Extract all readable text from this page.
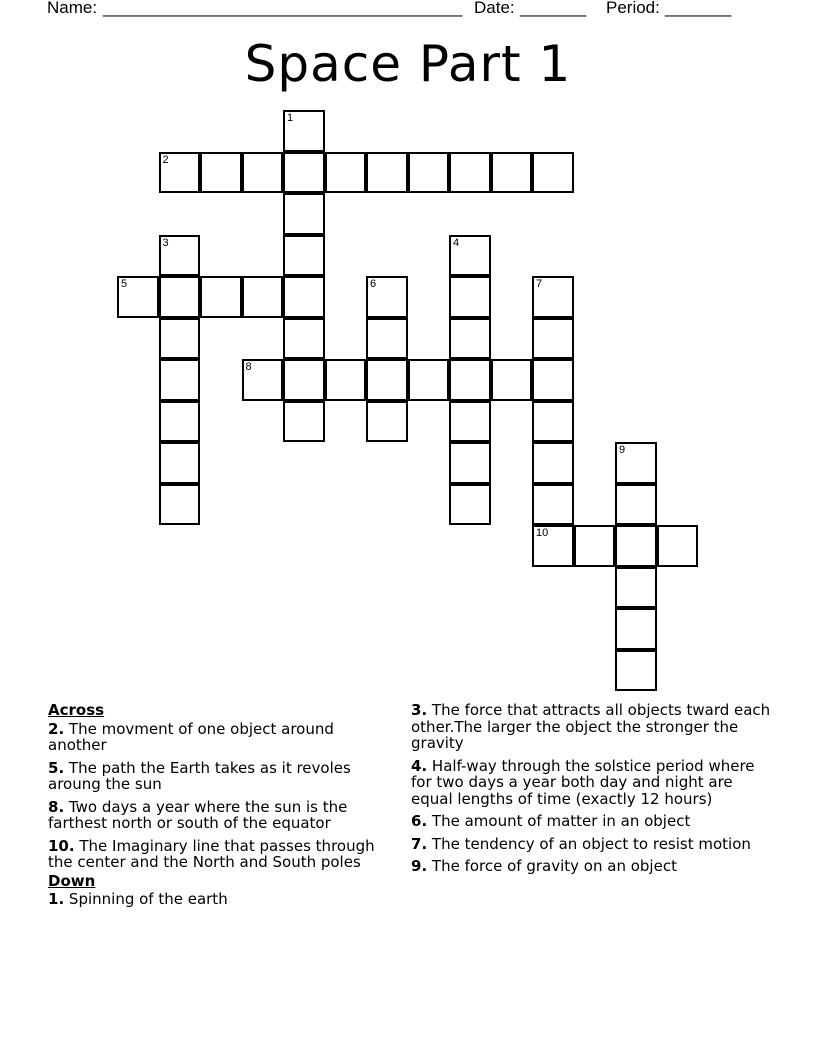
Name: ______________________________________ Date: _______ Period: _______
Space Part 1
1
2
3	4
5	6	7
8
9
10
Across
2. The movment of one object around another
5. The path the Earth takes as it revoles aroung the sun
8. Two days a year where the sun is the farthest north or south of the equator
10. The Imaginary line that passes through the center and the North and South poles
Down
1. Spinning of the earth
3. The force that attracts all objects tward each other.The larger the object the stronger the gravity
4. Half-way through the solstice period where for two days a year both day and night are equal lengths of time (exactly 12 hours)
6. The amount of matter in an object
7. The tendency of an object to resist motion
9. The force of gravity on an object
